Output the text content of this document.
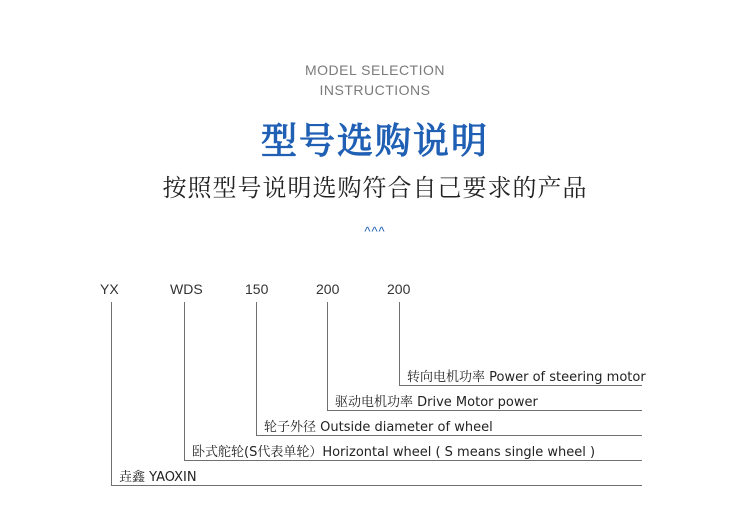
MODEL SELECTION
INSTRUCTIONS
型号选购说明
按照型号说明选购符合自己要求的产品
^^^
YX	WDS	150	200	200
转向电机功率 Power of steering motor
驱动电机功率 Drive Motor power
轮子外径 Outside diameter of wheel
卧式舵轮(S代表单轮）Horizontal wheel ( S means single wheel )
垚鑫 YAOXIN
